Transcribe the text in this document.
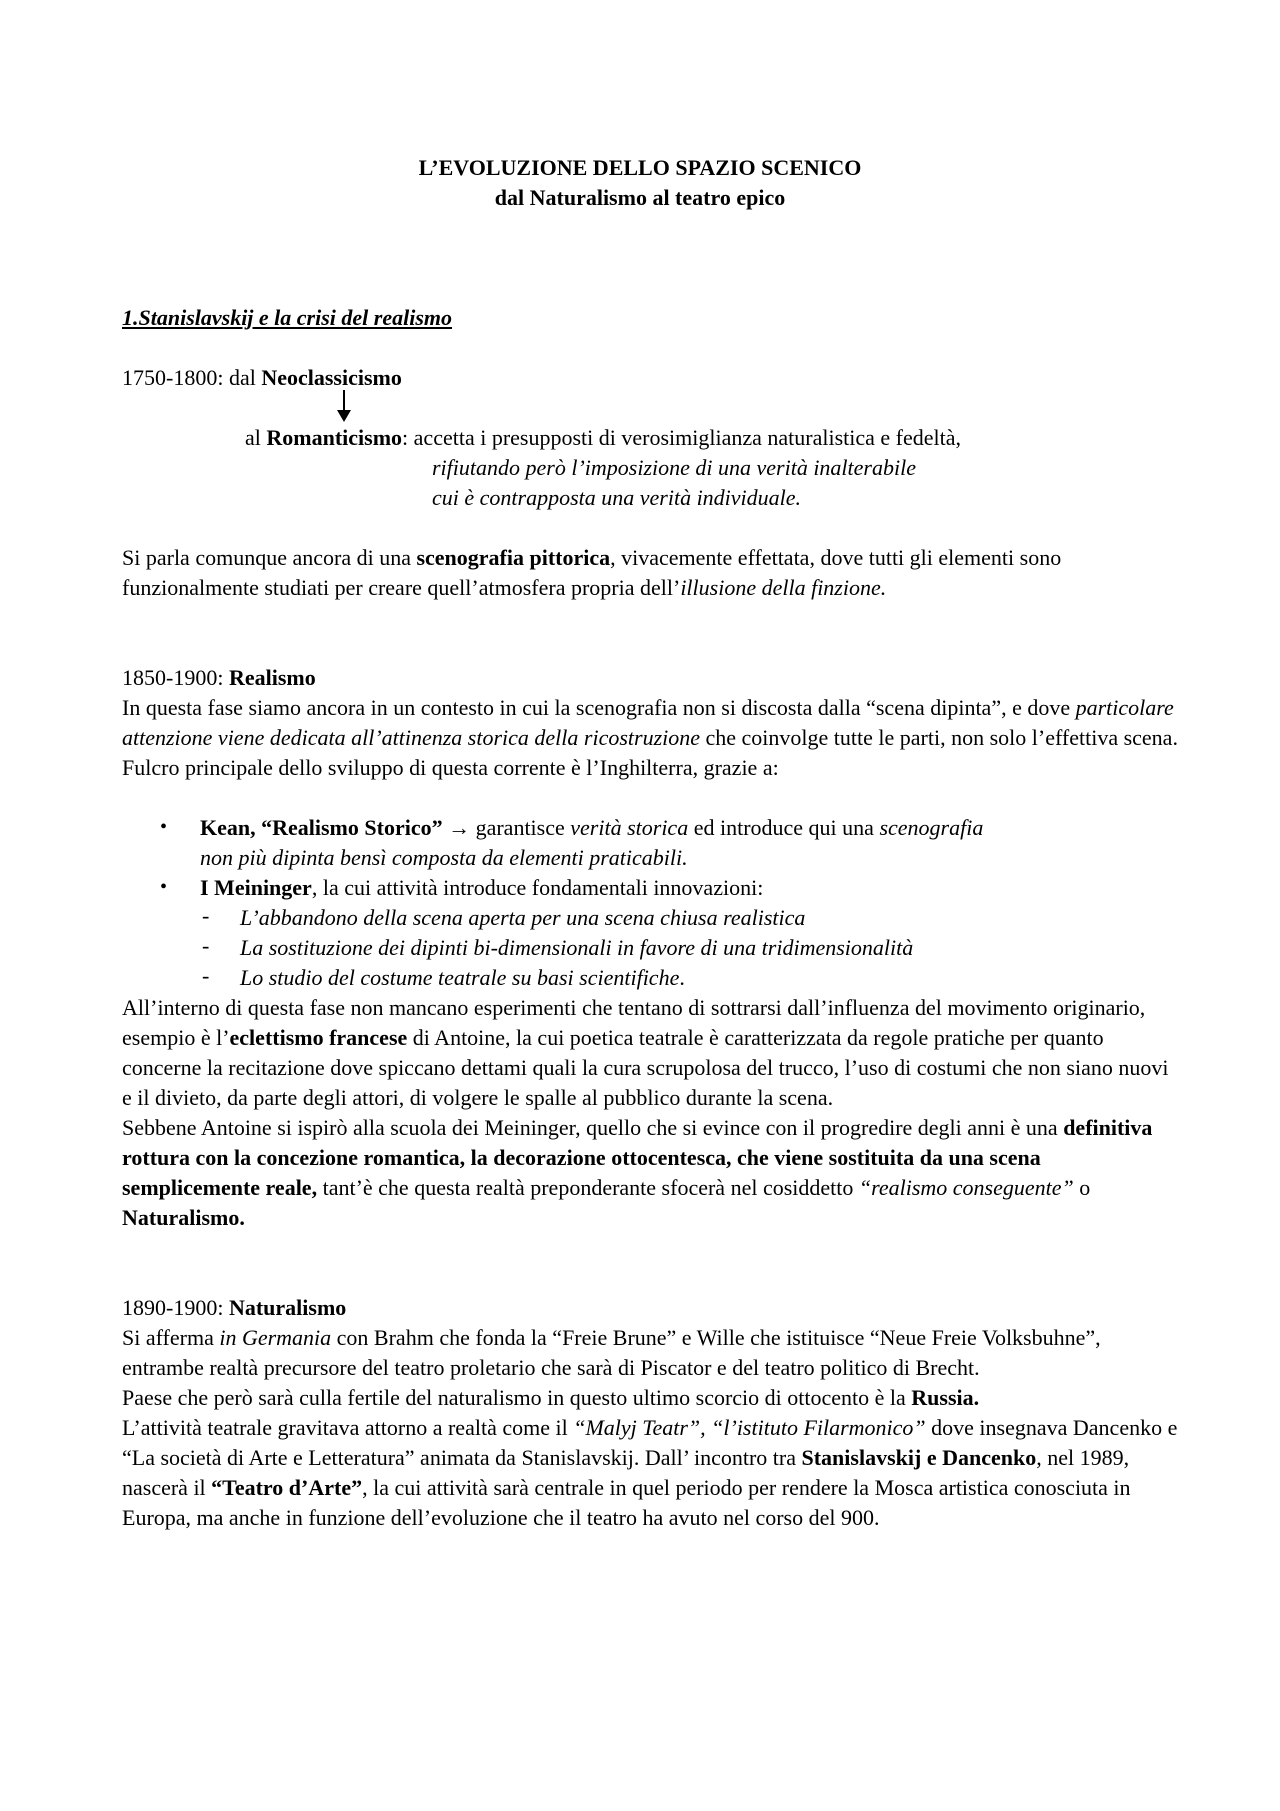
L’EVOLUZIONE DELLO SPAZIO SCENICO
dal Naturalismo al teatro epico
1.Stanislavskij e la crisi del realismo
1750-1800: dal Neoclassicismo
al Romanticismo: accetta i presupposti di verosimiglianza naturalistica e fedeltà,
rifiutando però l’imposizione di una verità inalterabile
cui è contrapposta una verità individuale.

Si parla comunque ancora di una scenografia pittorica, vivacemente effettata, dove tutti gli elementi sono funzionalmente studiati per creare quell’atmosfera propria dell’illusione della finzione.

1850-1900: Realismo

In questa fase siamo ancora in un contesto in cui la scenografia non si discosta dalla “scena dipinta”, e dove particolare attenzione viene dedicata all’attinenza storica della ricostruzione che coinvolge tutte le parti, non solo l’effettiva scena.

Fulcro principale dello sviluppo di questa corrente è l’Inghilterra, grazie a:

• Kean, “Realismo Storico” → garantisce verità storica ed introduce qui una scenografia

non più dipinta bensì composta da elementi praticabili.

• I Meininger, la cui attività introduce fondamentali innovazioni:
- L’abbandono della scena aperta per una scena chiusa realistica
- La sostituzione dei dipinti bi-dimensionali in favore di una tridimensionalità
- Lo studio del costume teatrale su basi scientifiche.

All’interno di questa fase non mancano esperimenti che tentano di sottrarsi dall’influenza del movimento originario, esempio è l’eclettismo francese di Antoine, la cui poetica teatrale è caratterizzata da regole pratiche per quanto concerne la recitazione dove spiccano dettami quali la cura scrupolosa del trucco, l’uso di costumi che non siano nuovi e il divieto, da parte degli attori, di volgere le spalle al pubblico durante la scena.

Sebbene Antoine si ispirò alla scuola dei Meininger, quello che si evince con il progredire degli anni è una definitiva rottura con la concezione romantica, la decorazione ottocentesca, che viene sostituita da una scena semplicemente reale, tant’è che questa realtà preponderante sfocerà nel cosiddetto “realismo conseguente” o Naturalismo.

1890-1900: Naturalismo

Si afferma in Germania con Brahm che fonda la “Freie Brune” e Wille che istituisce “Neue Freie Volksbuhne”, entrambe realtà precursore del teatro proletario che sarà di Piscator e del teatro politico di Brecht.

Paese che però sarà culla fertile del naturalismo in questo ultimo scorcio di ottocento è la Russia.

L’attività teatrale gravitava attorno a realtà come il “Malyj Teatr”, “l’istituto Filarmonico” dove insegnava Dancenko e “La società di Arte e Letteratura” animata da Stanislavskij. Dall’ incontro tra Stanislavskij e Dancenko, nel 1989, nascerà il “Teatro d’Arte”, la cui attività sarà centrale in quel periodo per rendere la Mosca artistica conosciuta in Europa, ma anche in funzione dell’evoluzione che il teatro ha avuto nel corso del 900.
